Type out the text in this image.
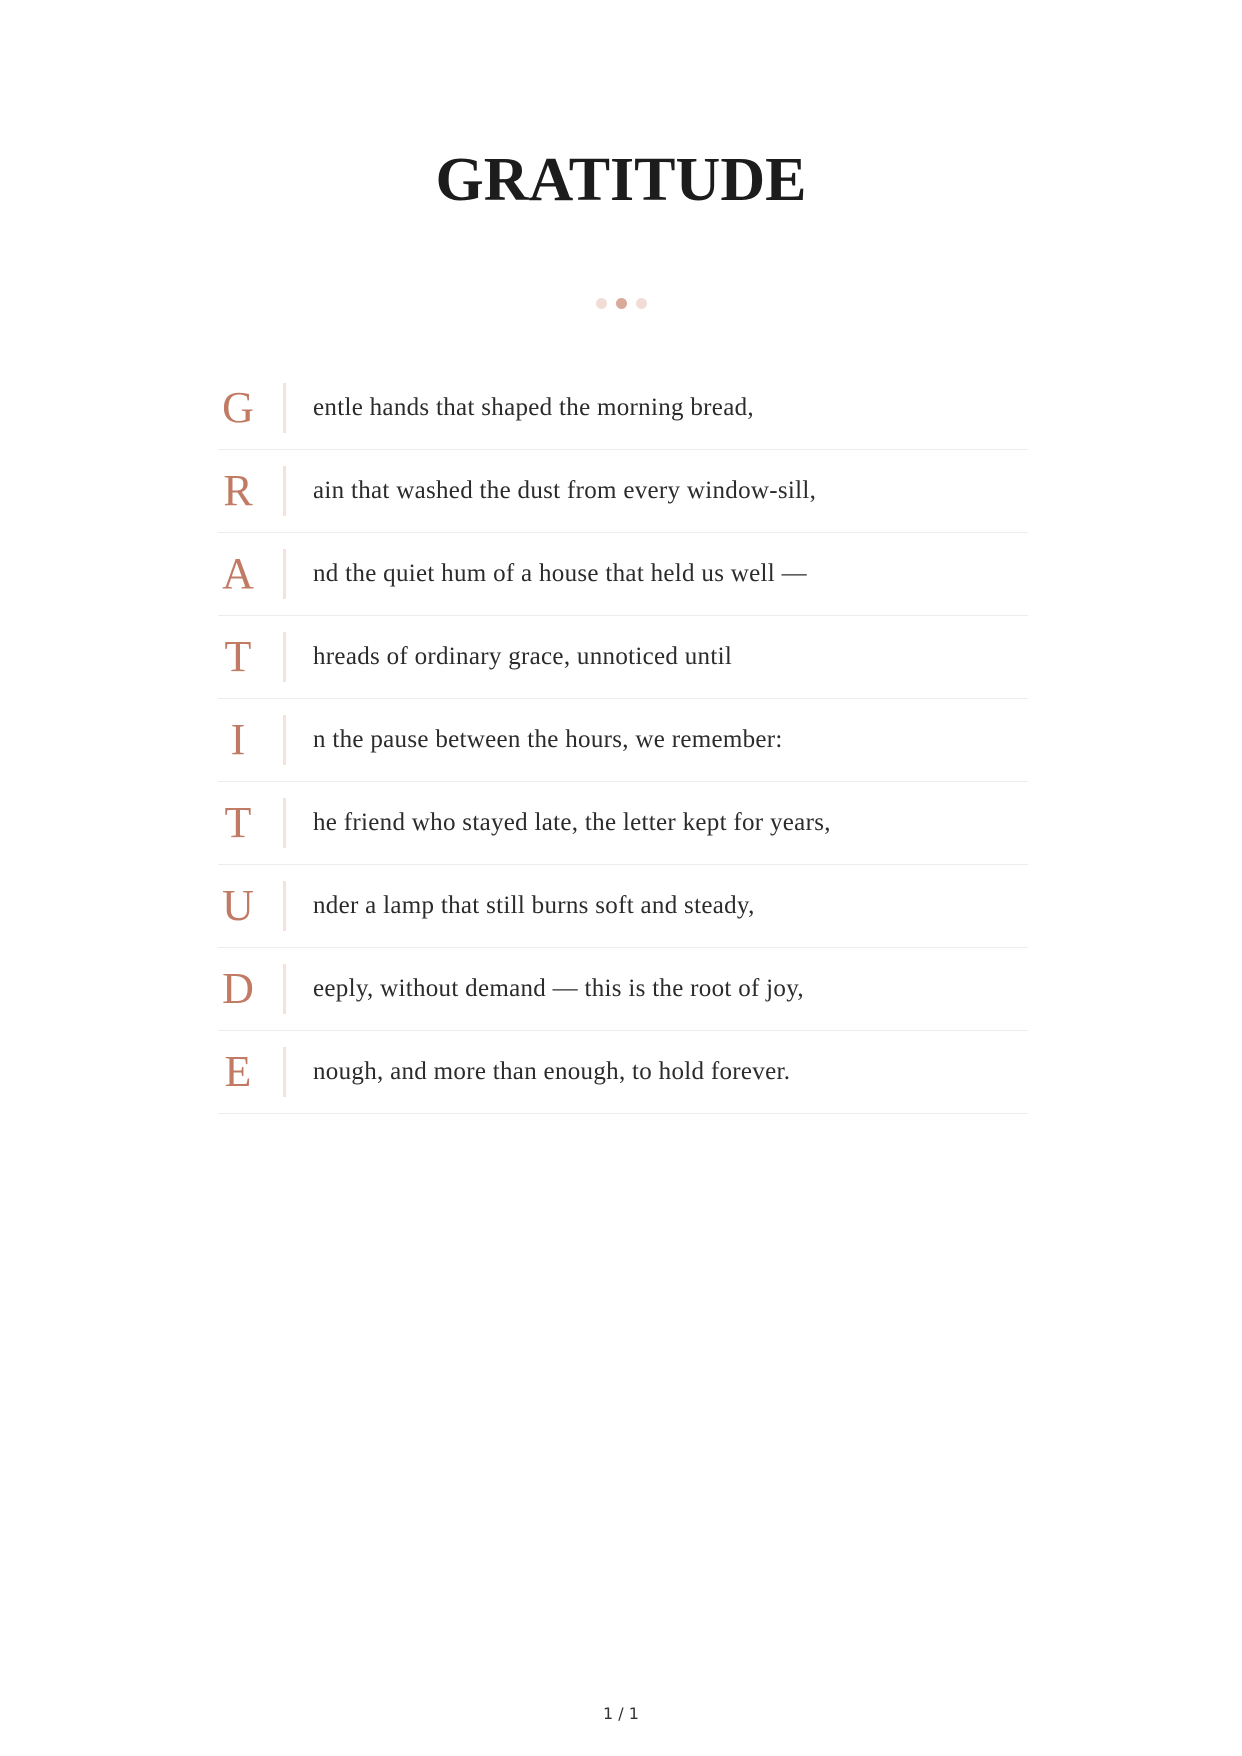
GRATITUDE
G entle hands that shaped the morning bread,
R ain that washed the dust from every window-sill,
A nd the quiet hum of a house that held us well —
T hreads of ordinary grace, unnoticed until
I	n the pause between the hours, we remember:
T he friend who stayed late, the letter kept for years,
U nder a lamp that still burns soft and steady,
D eeply, without demand — this is the root of joy,
E nough, and more than enough, to hold forever.
1 / 1
